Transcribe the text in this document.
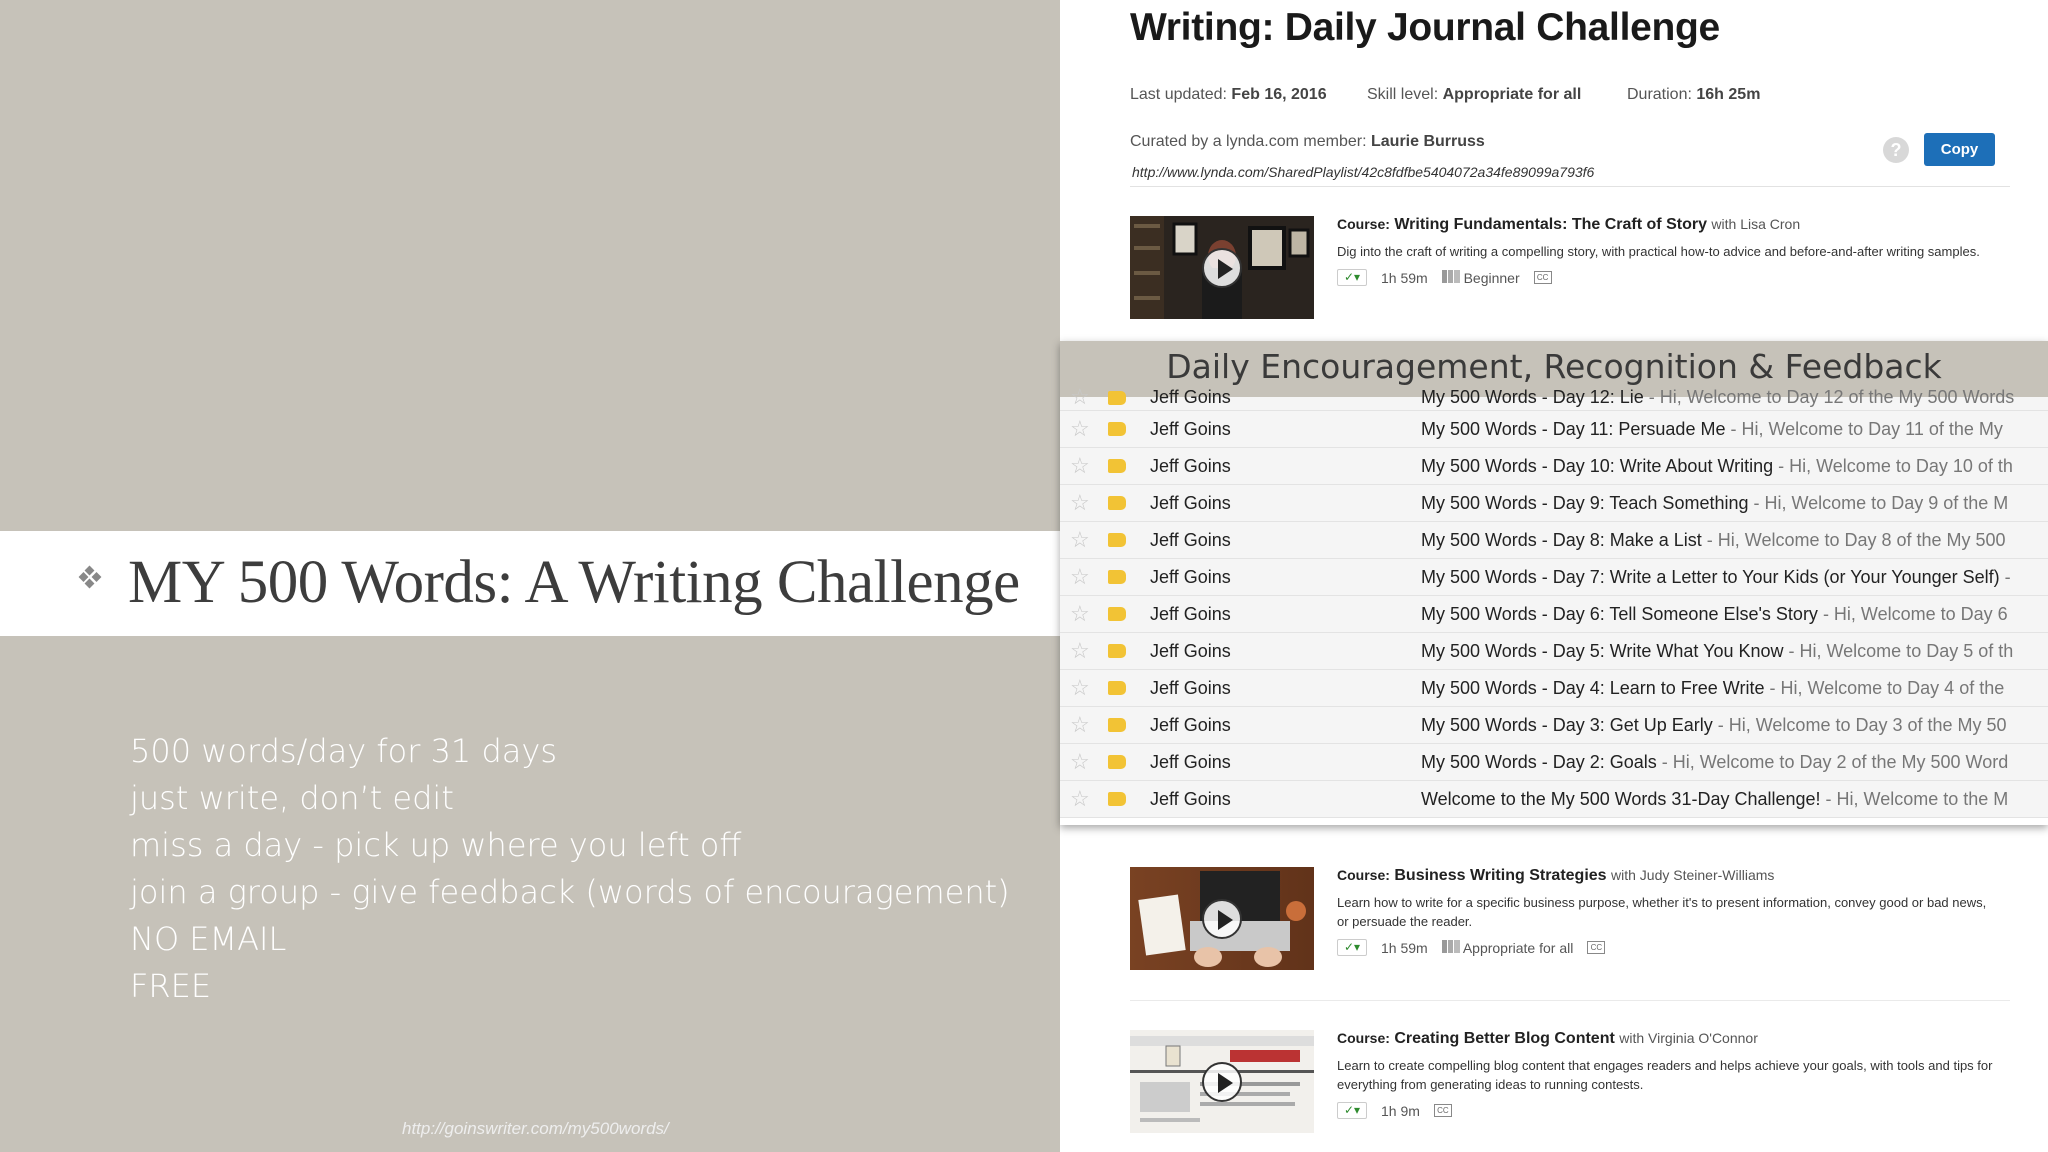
MY 500 Words: A Writing Challenge
500 words/day for 31 days
just write, don’t edit
miss a day - pick up where you left off
join a group - give feedback (words of encouragement)
NO EMAIL
FREE
http://goinswriter.com/my500words/
Writing: Daily Journal Challenge
Last updated: Feb 16, 2016	Skill level: Appropriate for all	Duration: 16h 25m
Curated by a lynda.com member: Laurie Burruss
http://www.lynda.com/SharedPlaylist/42c8fdfbe5404072a34fe89099a793f6
?	Copy
Course: Writing Fundamentals: The Craft of Story with Lisa Cron
Dig into the craft of writing a compelling story, with practical how-to advice and before-and-after writing samples.
✓▾	1h 59m	Beginner	CC
Course: Business Writing Strategies with Judy Steiner-Williams
Learn how to write for a specific business purpose, whether it's to present information, convey good or bad news, or persuade the reader.
✓▾	1h 59m	Appropriate for all	CC
Course: Creating Better Blog Content with Virginia O'Connor
Learn to create compelling blog content that engages readers and helps achieve your goals, with tools and tips for everything from generating ideas to running contests.
✓▾	1h 9m	CC
Daily Encouragement, Recognition & Feedback
☆	Jeff Goins	My 500 Words - Day 12: Lie - Hi, Welcome to Day 12 of the My 500 Words
☆	Jeff Goins	My 500 Words - Day 11: Persuade Me - Hi, Welcome to Day 11 of the My
☆	Jeff Goins	My 500 Words - Day 10: Write About Writing - Hi, Welcome to Day 10 of th
☆	Jeff Goins	My 500 Words - Day 9: Teach Something - Hi, Welcome to Day 9 of the M
☆	Jeff Goins	My 500 Words - Day 8: Make a List - Hi, Welcome to Day 8 of the My 500
☆	Jeff Goins	My 500 Words - Day 7: Write a Letter to Your Kids (or Your Younger Self) -
☆	Jeff Goins	My 500 Words - Day 6: Tell Someone Else's Story - Hi, Welcome to Day 6
☆	Jeff Goins	My 500 Words - Day 5: Write What You Know - Hi, Welcome to Day 5 of th
☆	Jeff Goins	My 500 Words - Day 4: Learn to Free Write - Hi, Welcome to Day 4 of the
☆	Jeff Goins	My 500 Words - Day 3: Get Up Early - Hi, Welcome to Day 3 of the My 50
☆	Jeff Goins	My 500 Words - Day 2: Goals - Hi, Welcome to Day 2 of the My 500 Word
☆	Jeff Goins	Welcome to the My 500 Words 31-Day Challenge! - Hi, Welcome to the M
